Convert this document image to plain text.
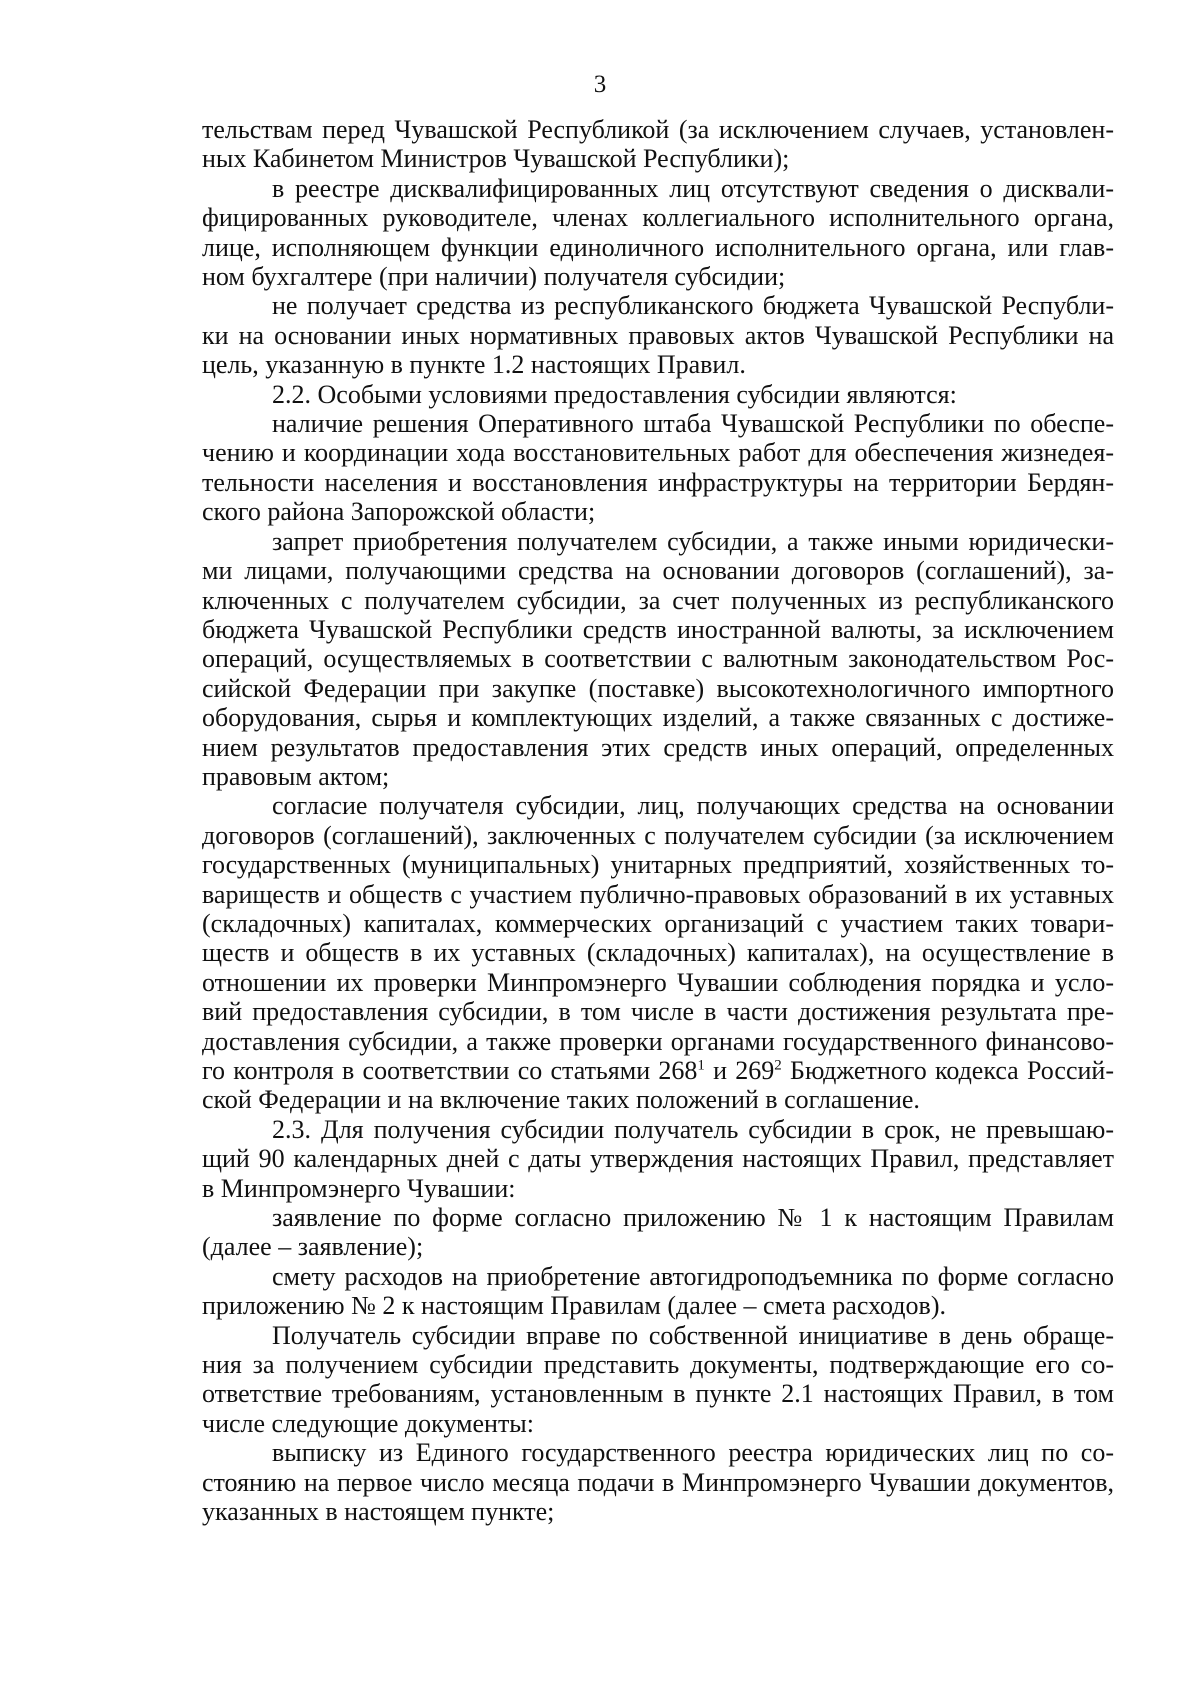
3
тельствам перед Чувашской Республикой (за исключением случаев, установлен-
ных Кабинетом Министров Чувашской Республики);
в реестре дисквалифицированных лиц отсутствуют сведения о дисквали-
фицированных руководителе, членах коллегиального исполнительного органа,
лице, исполняющем функции единоличного исполнительного органа, или глав-
ном бухгалтере (при наличии) получателя субсидии;
не получает средства из республиканского бюджета Чувашской Республи-
ки на основании иных нормативных правовых актов Чувашской Республики на
цель, указанную в пункте 1.2 настоящих Правил.
2.2. Особыми условиями предоставления субсидии являются:
наличие решения Оперативного штаба Чувашской Республики по обеспе-
чению и координации хода восстановительных работ для обеспечения жизнедея-
тельности населения и восстановления инфраструктуры на территории Бердян-
ского района Запорожской области;
запрет приобретения получателем субсидии, а также иными юридически-
ми лицами, получающими средства на основании договоров (соглашений), за-
ключенных с получателем субсидии, за счет полученных из республиканского
бюджета Чувашской Республики средств иностранной валюты, за исключением
операций, осуществляемых в соответствии с валютным законодательством Рос-
сийской Федерации при закупке (поставке) высокотехнологичного импортного
оборудования, сырья и комплектующих изделий, а также связанных с достиже-
нием результатов предоставления этих средств иных операций, определенных
правовым актом;
согласие получателя субсидии, лиц, получающих средства на основании
договоров (соглашений), заключенных с получателем субсидии (за исключением
государственных (муниципальных) унитарных предприятий, хозяйственных то-
вариществ и обществ с участием публично-правовых образований в их уставных
(складочных) капиталах, коммерческих организаций с участием таких товари-
ществ и обществ в их уставных (складочных) капиталах), на осуществление в
отношении их проверки Минпромэнерго Чувашии соблюдения порядка и усло-
вий предоставления субсидии, в том числе в части достижения результата пре-
доставления субсидии, а также проверки органами государственного финансово-
го контроля в соответствии со статьями $268^1$ и $269^2$ Бюджетного кодекса Россий-
ской Федерации и на включение таких положений в соглашение.
2.3. Для получения субсидии получатель субсидии в срок, не превышаю-
щий 90 календарных дней с даты утверждения настоящих Правил, представляет
в Минпромэнерго Чувашии:
заявление по форме согласно приложению № 1 к настоящим Правилам
(далее – заявление);
смету расходов на приобретение автогидроподъемника по форме согласно
приложению № 2 к настоящим Правилам (далее – смета расходов).
Получатель субсидии вправе по собственной инициативе в день обраще-
ния за получением субсидии представить документы, подтверждающие его со-
ответствие требованиям, установленным в пункте 2.1 настоящих Правил, в том
числе следующие документы:
выписку из Единого государственного реестра юридических лиц по со-
стоянию на первое число месяца подачи в Минпромэнерго Чувашии документов,
указанных в настоящем пункте;
